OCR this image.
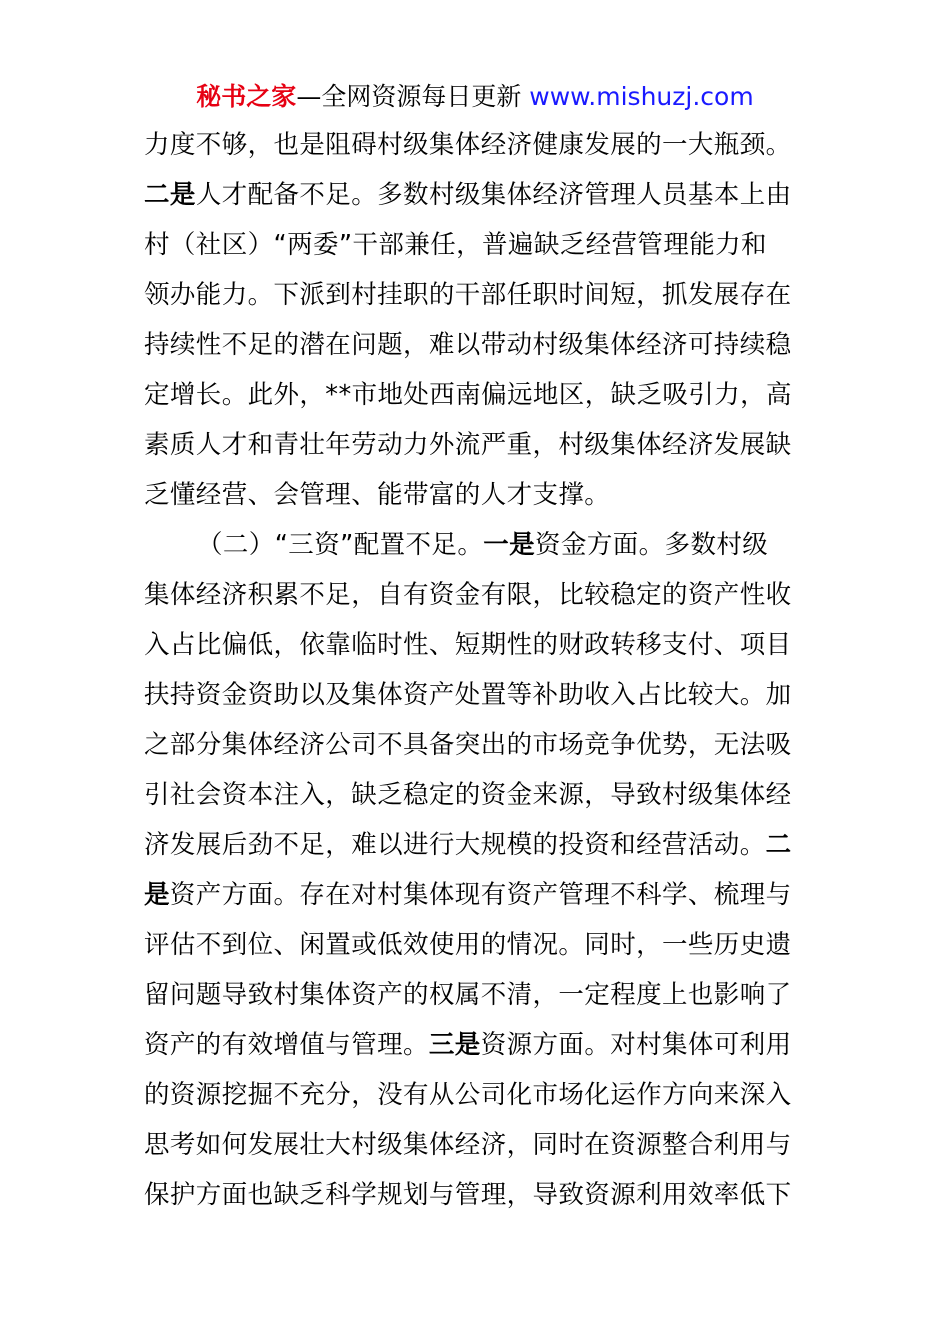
秘书之家—全网资源每日更新 www.mishuzj.com
力度不够，也是阻碍村级集体经济健康发展的一大瓶颈。
二是人才配备不足。多数村级集体经济管理人员基本上由
村（社区）“两委”干部兼任，普遍缺乏经营管理能力和
领办能力。下派到村挂职的干部任职时间短，抓发展存在
持续性不足的潜在问题，难以带动村级集体经济可持续稳
定增长。此外，**市地处西南偏远地区，缺乏吸引力，高
素质人才和青壮年劳动力外流严重，村级集体经济发展缺
乏懂经营、会管理、能带富的人才支撑。
（二）“三资”配置不足。一是资金方面。多数村级
集体经济积累不足，自有资金有限，比较稳定的资产性收
入占比偏低，依靠临时性、短期性的财政转移支付、项目
扶持资金资助以及集体资产处置等补助收入占比较大。加
之部分集体经济公司不具备突出的市场竞争优势，无法吸
引社会资本注入，缺乏稳定的资金来源，导致村级集体经
济发展后劲不足，难以进行大规模的投资和经营活动。二
是资产方面。存在对村集体现有资产管理不科学、梳理与
评估不到位、闲置或低效使用的情况。同时，一些历史遗
留问题导致村集体资产的权属不清，一定程度上也影响了
资产的有效增值与管理。三是资源方面。对村集体可利用
的资源挖掘不充分，没有从公司化市场化运作方向来深入
思考如何发展壮大村级集体经济，同时在资源整合利用与
保护方面也缺乏科学规划与管理，导致资源利用效率低下
